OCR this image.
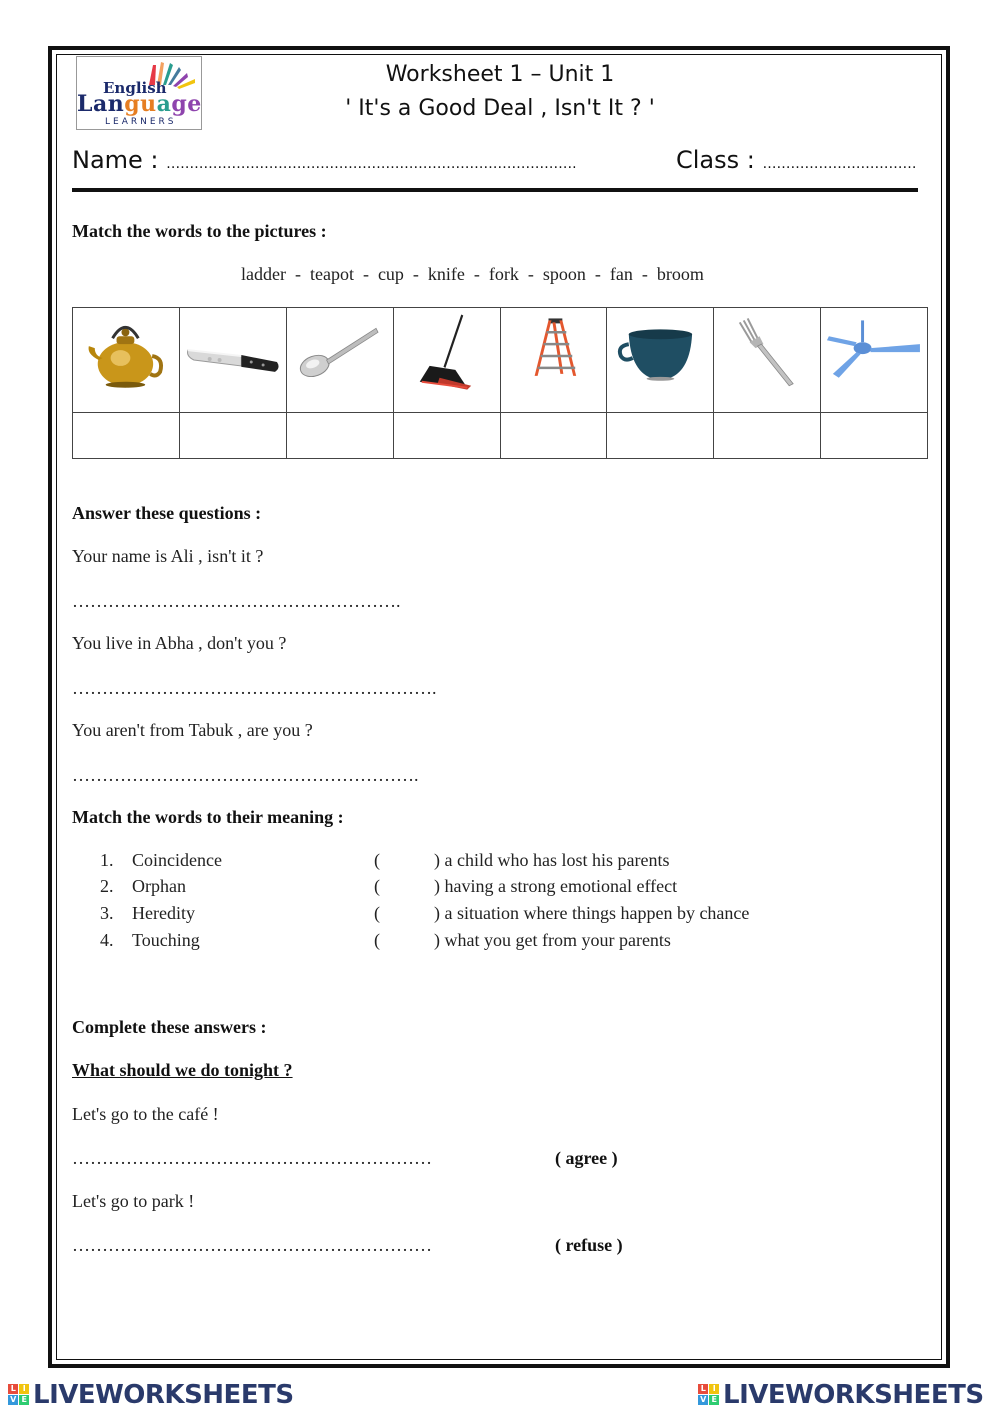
English
Language
LEARNERS
Worksheet 1 – Unit 1
' It's a Good Deal , Isn't It ? '
Name : …………………………………………………………………………….	Class : ……………………………
Match the words to the pictures :
ladder  -  teapot  -  cup  -  knife  -  fork  -  spoon  -  fan  -  broom

Answer these questions :
Your name is Ali , isn't it ?
……………………………………………….
You live in Abha , don't you ?
…………………………………………………….
You aren't from Tabuk , are you ?
………………………………………………….
Match the words to their meaning :
1. Coincidence	(	) a child who has lost his parents
2. Orphan	(	) having a strong emotional effect
3. Heredity	(	) a situation where things happen by chance
4. Touching	(	) what you get from your parents
Complete these answers :
What should we do tonight ?
Let's go to the café !
……………………………………………………	( agree )
Let's go to park !
……………………………………………………	( refuse )
L I
V E LIVEWORKSHEETS	L I
V E LIVEWORKSHEETS
